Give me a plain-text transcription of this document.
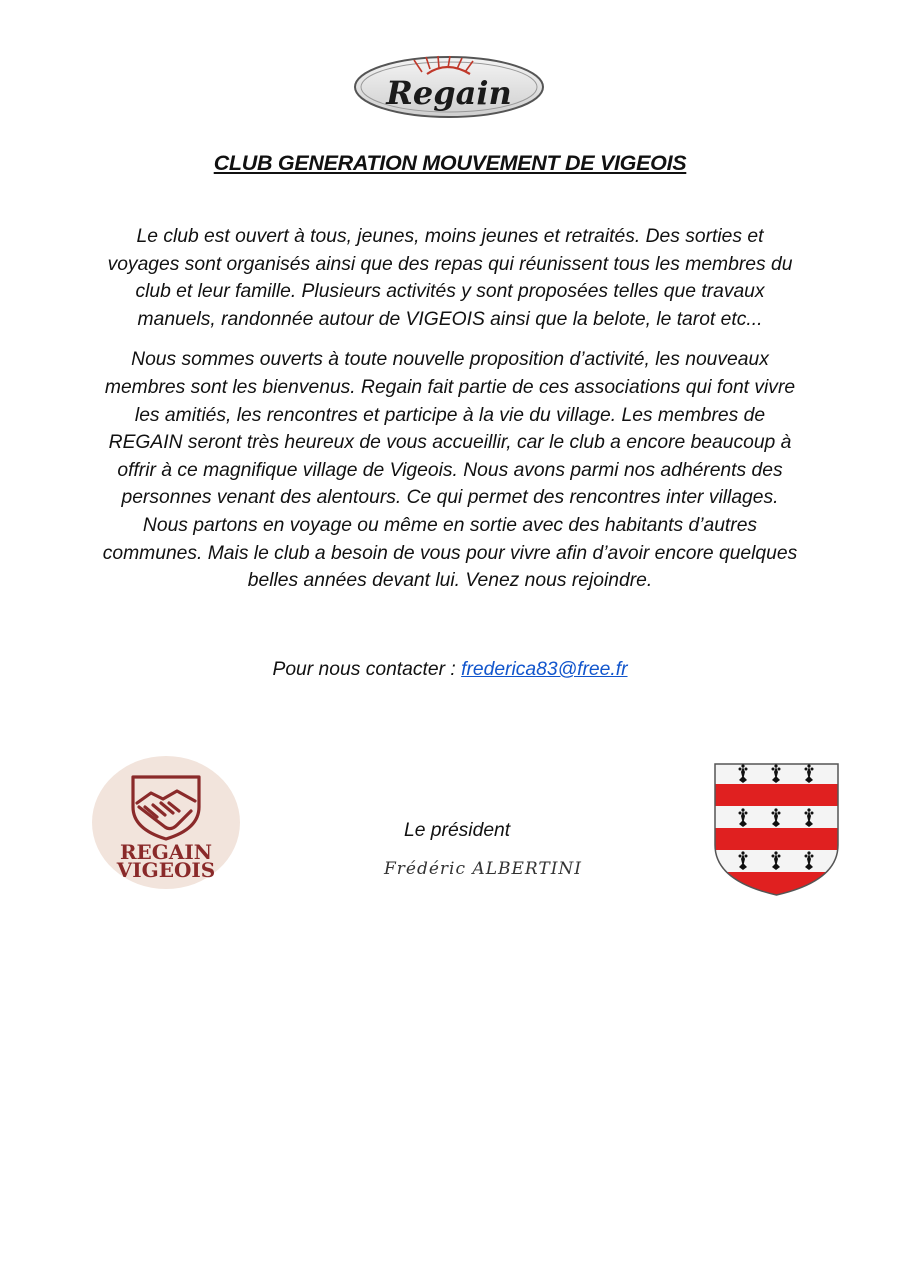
Regain
CLUB GENERATION MOUVEMENT DE VIGEOIS

Le club est ouvert à tous, jeunes, moins jeunes et retraités. Des sorties et voyages sont organisés ainsi que des repas qui réunissent tous les membres du club et leur famille. Plusieurs activités y sont proposées telles que travaux manuels, randonnée autour de VIGEOIS ainsi que la belote, le tarot etc...

Nous sommes ouverts à toute nouvelle proposition d’activité, les nouveaux membres sont les bienvenus. Regain fait partie de ces associations qui font vivre les amitiés, les rencontres et participe à la vie du village. Les membres de REGAIN seront très heureux de vous accueillir, car le club a encore beaucoup à offrir à ce magnifique village de Vigeois. Nous avons parmi nos adhérents des personnes venant des alentours. Ce qui permet des rencontres inter villages. Nous partons en voyage ou même en sortie avec des habitants d’autres communes. Mais le club a besoin de vous pour vivre afin d’avoir encore quelques belles années devant lui. Venez nous rejoindre.

Pour nous contacter : frederica83@free.fr
REGAIN
VIGEOIS
Le président
Frédéric ALBERTINI
